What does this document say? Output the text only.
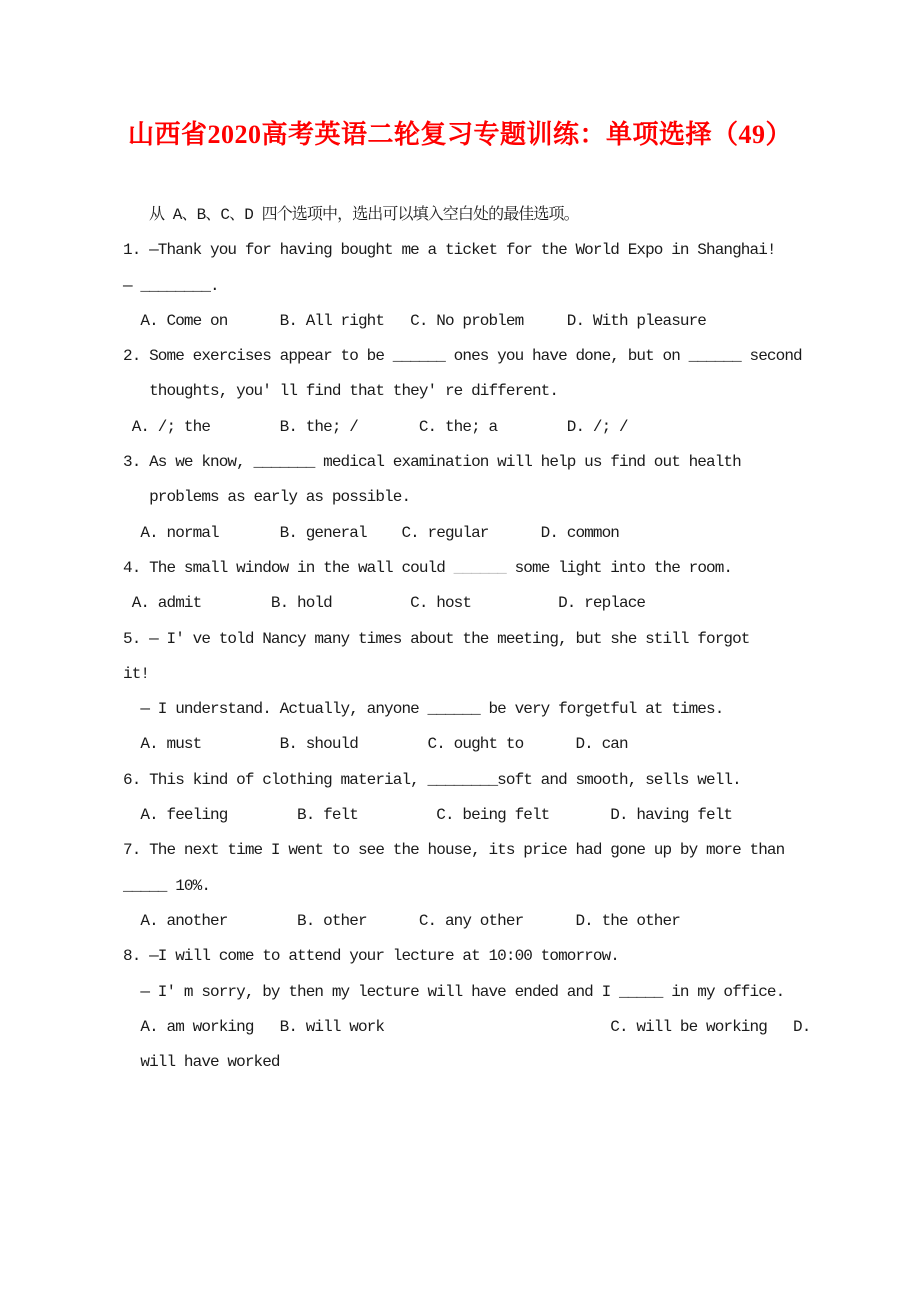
山西省2020高考英语二轮复习专题训练：单项选择（49）
从 A、B、C、D 四个选项中，选出可以填入空白处的最佳选项。
1. —Thank you for having bought me a ticket for the World Expo in Shanghai!
— ________.
A. Come on      B. All right   C. No problem     D. With pleasure
2. Some exercises appear to be ______ ones you have done, but on ______ second
thoughts, you' ll find that they' re different.
A. /; the        B. the; /       C. the; a        D. /; /
3. As we know, _______ medical examination will help us find out health
problems as early as possible.
A. normal       B. general    C. regular      D. common
4. The small window in the wall could ______ some light into the room.
A. admit        B. hold         C. host          D. replace
5. — I' ve told Nancy many times about the meeting, but she still forgot
it!
— I understand. Actually, anyone ______ be very forgetful at times.
A. must         B. should        C. ought to      D. can
6. This kind of clothing material, ________soft and smooth, sells well.
A. feeling        B. felt         C. being felt       D. having felt
7. The next time I went to see the house, its price had gone up by more than
_____ 10%.
A. another        B. other      C. any other      D. the other
8. —I will come to attend your lecture at 10:00 tomorrow.
— I' m sorry, by then my lecture will have ended and I _____ in my office.
A. am working   B. will work                          C. will be working   D.
will have worked
